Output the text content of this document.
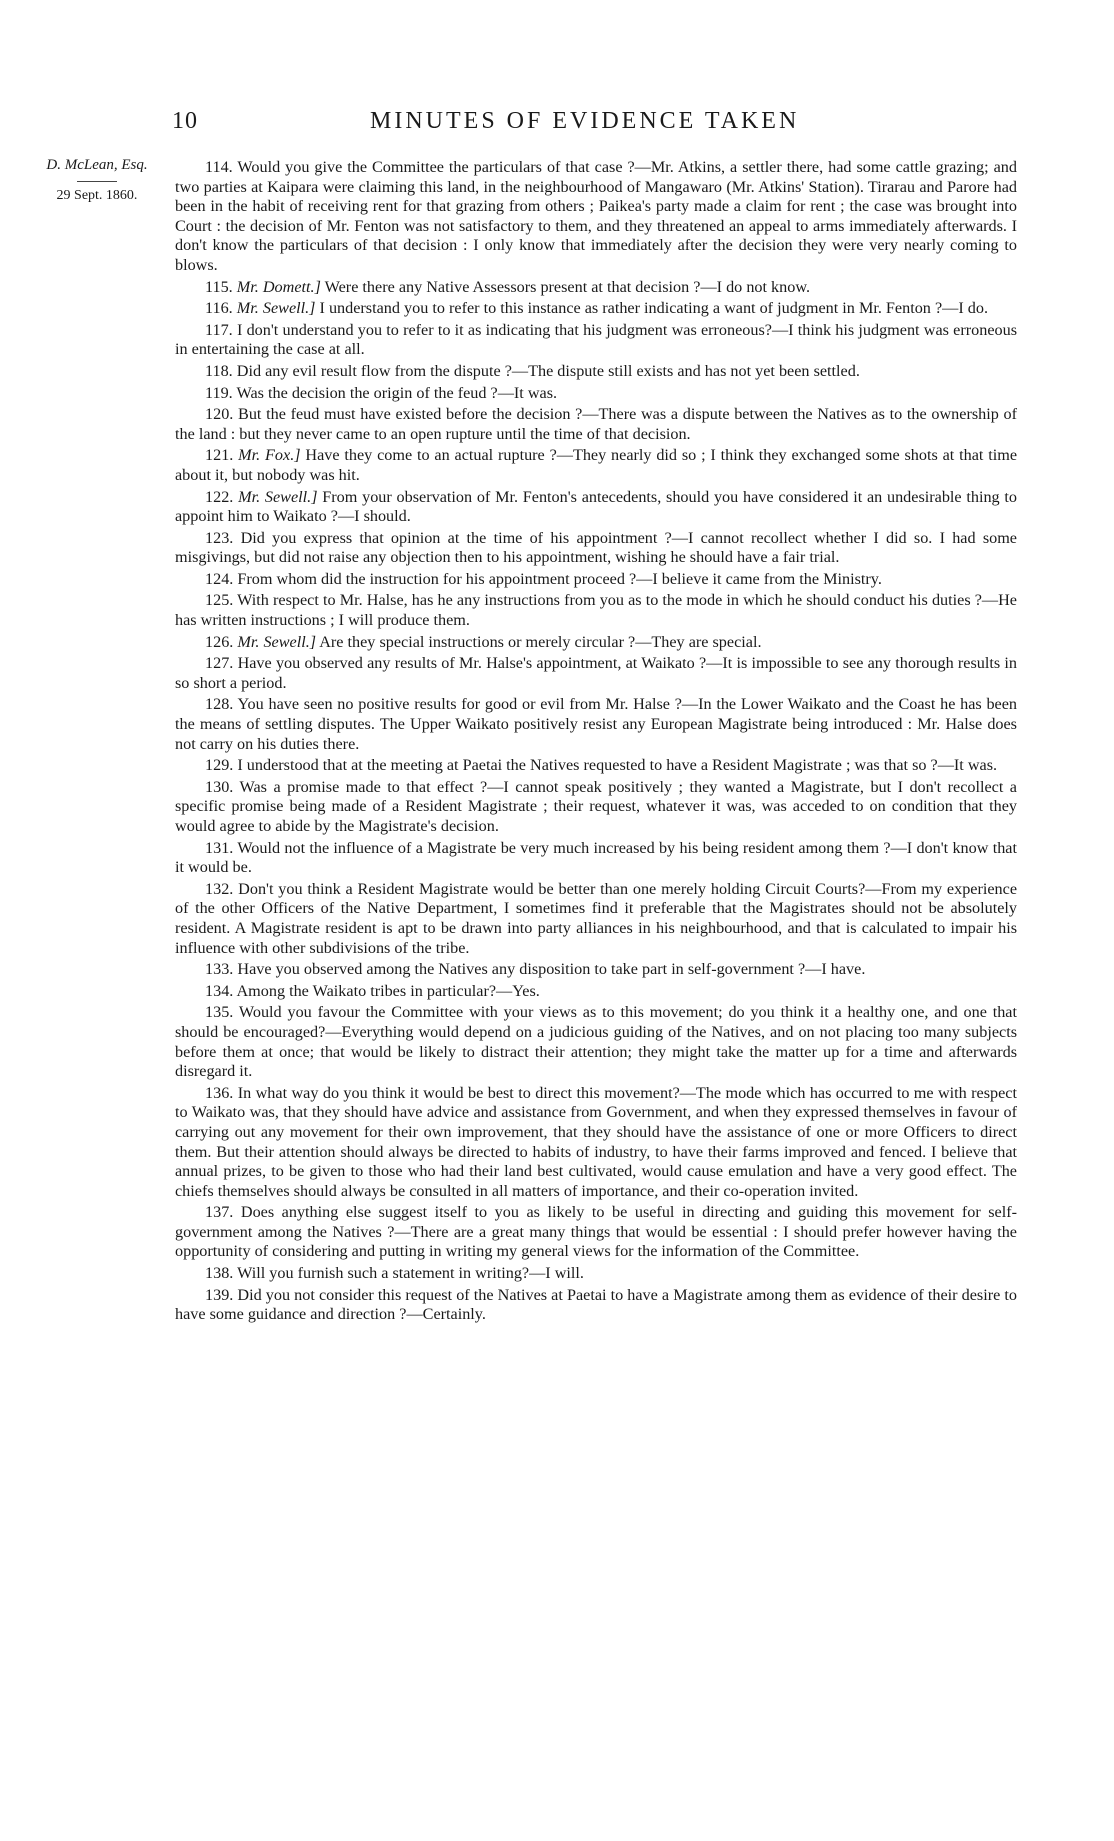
10	MINUTES OF EVIDENCE TAKEN
D. McLean, Esq.
29 Sept. 1860.

114. Would you give the Committee the particulars of that case ?—Mr. Atkins, a settler there, had some cattle grazing; and two parties at Kaipara were claiming this land, in the neighbourhood of Mangawaro (Mr. Atkins' Station). Tirarau and Parore had been in the habit of receiving rent for that grazing from others ; Paikea's party made a claim for rent ; the case was brought into Court : the decision of Mr. Fenton was not satisfactory to them, and they threatened an appeal to arms immediately afterwards. I don't know the particulars of that decision : I only know that immediately after the decision they were very nearly coming to blows.

115. Mr. Domett.] Were there any Native Assessors present at that decision ?—I do not know.

116. Mr. Sewell.] I understand you to refer to this instance as rather indicating a want of judgment in Mr. Fenton ?—I do.

117. I don't understand you to refer to it as indicating that his judgment was erroneous?—I think his judgment was erroneous in entertaining the case at all.

118. Did any evil result flow from the dispute ?—The dispute still exists and has not yet been settled.

119. Was the decision the origin of the feud ?—It was.

120. But the feud must have existed before the decision ?—There was a dispute between the Natives as to the ownership of the land : but they never came to an open rupture until the time of that decision.

121. Mr. Fox.] Have they come to an actual rupture ?—They nearly did so ; I think they exchanged some shots at that time about it, but nobody was hit.

122. Mr. Sewell.] From your observation of Mr. Fenton's antecedents, should you have considered it an undesirable thing to appoint him to Waikato ?—I should.

123. Did you express that opinion at the time of his appointment ?—I cannot recollect whether I did so. I had some misgivings, but did not raise any objection then to his appointment, wishing he should have a fair trial.

124. From whom did the instruction for his appointment proceed ?—I believe it came from the Ministry.

125. With respect to Mr. Halse, has he any instructions from you as to the mode in which he should conduct his duties ?—He has written instructions ; I will produce them.

126. Mr. Sewell.] Are they special instructions or merely circular ?—They are special.

127. Have you observed any results of Mr. Halse's appointment, at Waikato ?—It is impossible to see any thorough results in so short a period.

128. You have seen no positive results for good or evil from Mr. Halse ?—In the Lower Waikato and the Coast he has been the means of settling disputes. The Upper Waikato positively resist any European Magistrate being introduced : Mr. Halse does not carry on his duties there.

129. I understood that at the meeting at Paetai the Natives requested to have a Resident Magistrate ; was that so ?—It was.

130. Was a promise made to that effect ?—I cannot speak positively ; they wanted a Magistrate, but I don't recollect a specific promise being made of a Resident Magistrate ; their request, whatever it was, was acceded to on condition that they would agree to abide by the Magistrate's decision.

131. Would not the influence of a Magistrate be very much increased by his being resident among them ?—I don't know that it would be.

132. Don't you think a Resident Magistrate would be better than one merely holding Circuit Courts?—From my experience of the other Officers of the Native Department, I sometimes find it preferable that the Magistrates should not be absolutely resident. A Magistrate resident is apt to be drawn into party alliances in his neighbourhood, and that is calculated to impair his influence with other subdivisions of the tribe.

133. Have you observed among the Natives any disposition to take part in self-government ?—I have.

134. Among the Waikato tribes in particular?—Yes.

135. Would you favour the Committee with your views as to this movement; do you think it a healthy one, and one that should be encouraged?—Everything would depend on a judicious guiding of the Natives, and on not placing too many subjects before them at once; that would be likely to distract their attention; they might take the matter up for a time and afterwards disregard it.

136. In what way do you think it would be best to direct this movement?—The mode which has occurred to me with respect to Waikato was, that they should have advice and assistance from Government, and when they expressed themselves in favour of carrying out any movement for their own improvement, that they should have the assistance of one or more Officers to direct them. But their attention should always be directed to habits of industry, to have their farms improved and fenced. I believe that annual prizes, to be given to those who had their land best cultivated, would cause emulation and have a very good effect. The chiefs themselves should always be consulted in all matters of importance, and their co-operation invited.

137. Does anything else suggest itself to you as likely to be useful in directing and guiding this movement for self-government among the Natives ?—There are a great many things that would be essential : I should prefer however having the opportunity of considering and putting in writing my general views for the information of the Committee.

138. Will you furnish such a statement in writing?—I will.

139. Did you not consider this request of the Natives at Paetai to have a Magistrate among them as evidence of their desire to have some guidance and direction ?—Certainly.
